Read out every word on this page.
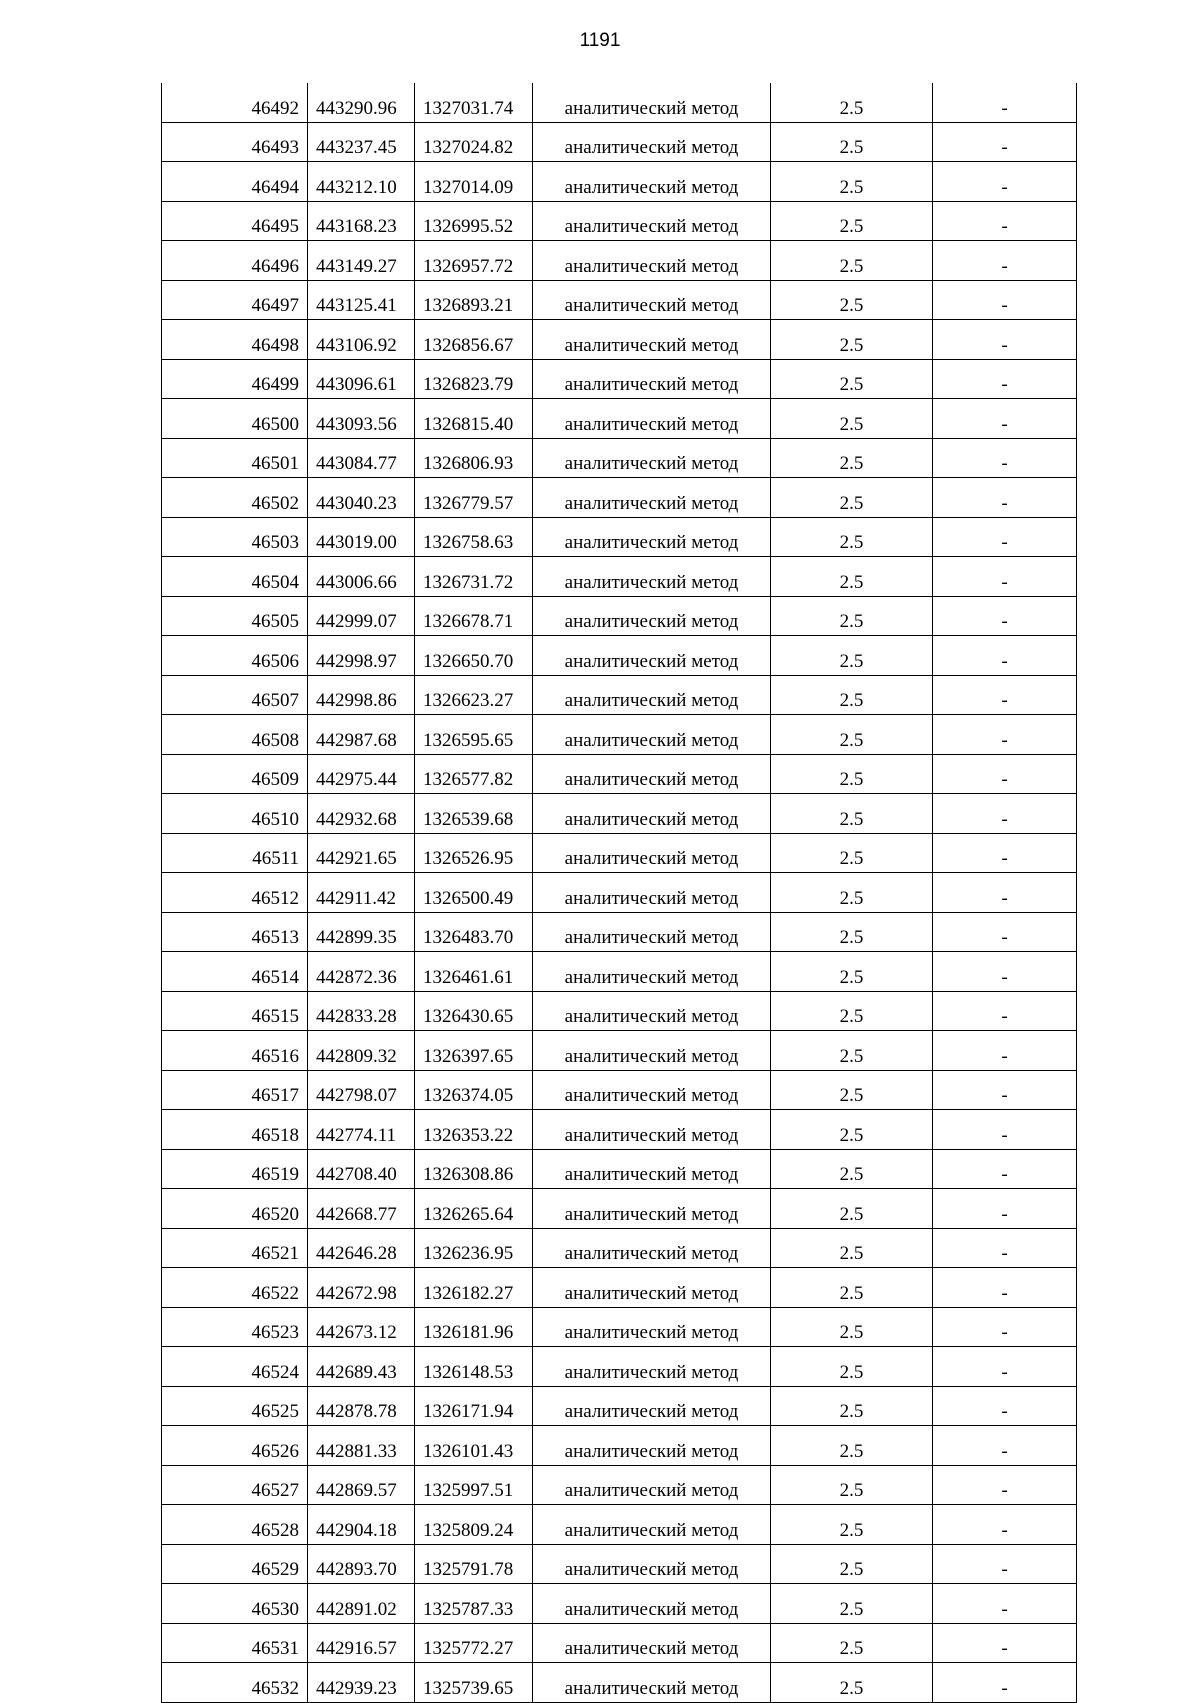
1191
46492	443290.96	1327031.74	аналитический метод	2.5	-
46493	443237.45	1327024.82	аналитический метод	2.5	-
46494	443212.10	1327014.09	аналитический метод	2.5	-
46495	443168.23	1326995.52	аналитический метод	2.5	-
46496	443149.27	1326957.72	аналитический метод	2.5	-
46497	443125.41	1326893.21	аналитический метод	2.5	-
46498	443106.92	1326856.67	аналитический метод	2.5	-
46499	443096.61	1326823.79	аналитический метод	2.5	-
46500	443093.56	1326815.40	аналитический метод	2.5	-
46501	443084.77	1326806.93	аналитический метод	2.5	-
46502	443040.23	1326779.57	аналитический метод	2.5	-
46503	443019.00	1326758.63	аналитический метод	2.5	-
46504	443006.66	1326731.72	аналитический метод	2.5	-
46505	442999.07	1326678.71	аналитический метод	2.5	-
46506	442998.97	1326650.70	аналитический метод	2.5	-
46507	442998.86	1326623.27	аналитический метод	2.5	-
46508	442987.68	1326595.65	аналитический метод	2.5	-
46509	442975.44	1326577.82	аналитический метод	2.5	-
46510	442932.68	1326539.68	аналитический метод	2.5	-
46511	442921.65	1326526.95	аналитический метод	2.5	-
46512	442911.42	1326500.49	аналитический метод	2.5	-
46513	442899.35	1326483.70	аналитический метод	2.5	-
46514	442872.36	1326461.61	аналитический метод	2.5	-
46515	442833.28	1326430.65	аналитический метод	2.5	-
46516	442809.32	1326397.65	аналитический метод	2.5	-
46517	442798.07	1326374.05	аналитический метод	2.5	-
46518	442774.11	1326353.22	аналитический метод	2.5	-
46519	442708.40	1326308.86	аналитический метод	2.5	-
46520	442668.77	1326265.64	аналитический метод	2.5	-
46521	442646.28	1326236.95	аналитический метод	2.5	-
46522	442672.98	1326182.27	аналитический метод	2.5	-
46523	442673.12	1326181.96	аналитический метод	2.5	-
46524	442689.43	1326148.53	аналитический метод	2.5	-
46525	442878.78	1326171.94	аналитический метод	2.5	-
46526	442881.33	1326101.43	аналитический метод	2.5	-
46527	442869.57	1325997.51	аналитический метод	2.5	-
46528	442904.18	1325809.24	аналитический метод	2.5	-
46529	442893.70	1325791.78	аналитический метод	2.5	-
46530	442891.02	1325787.33	аналитический метод	2.5	-
46531	442916.57	1325772.27	аналитический метод	2.5	-
46532	442939.23	1325739.65	аналитический метод	2.5	-
